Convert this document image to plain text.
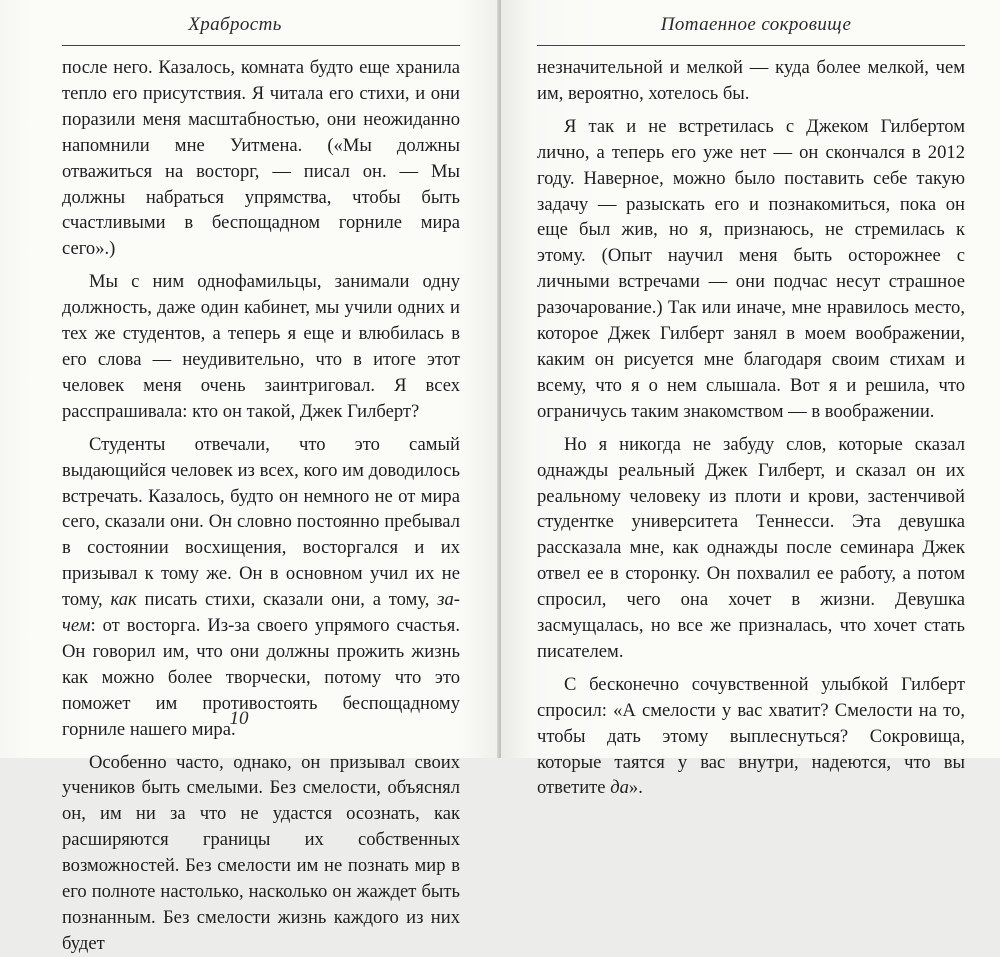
Храбрость

после него. Казалось, комната будто еще хранила тепло его присутствия. Я читала его стихи, и они поразили меня масштабностью, они неожиданно напомнили мне Уитмена. («Мы должны отважиться на восторг, — писал он. — Мы должны набраться упрямства, чтобы быть счастливыми в беспощадном горниле мира сего».)

Мы с ним однофамильцы, занимали одну должность, даже один кабинет, мы учили одних и тех же студентов, а теперь я еще и влюбилась в его слова — неудивительно, что в итоге этот человек меня очень заинтриговал. Я всех расспрашивала: кто он такой, Джек Гилберт?

Студенты отвечали, что это самый выдающийся человек из всех, кого им доводилось встречать. Казалось, будто он немного не от мира сего, сказали они. Он словно постоянно пребывал в состоянии восхищения, восторгался и их призывал к тому же. Он в основном учил их не тому, как писать стихи, сказали они, а тому, зачем: от восторга. Из-за своего упрямого счастья. Он говорил им, что они должны прожить жизнь как можно более творчески, потому что это поможет им противостоять беспощадному горниле нашего мира.

Особенно часто, однако, он призывал своих учеников быть смелыми. Без смелости, объяснял он, им ни за что не удастся осознать, как расширяются границы их собственных возможностей. Без смелости им не познать мир в его полноте настолько, насколько он жаждет быть познанным. Без смелости жизнь каждого из них будет

10
Потаенное сокровище

незначительной и мелкой — куда более мелкой, чем им, вероятно, хотелось бы.

Я так и не встретилась с Джеком Гилбертом лично, а теперь его уже нет — он скончался в 2012 году. Наверное, можно было поставить себе такую задачу — разыскать его и познакомиться, пока он еще был жив, но я, признаюсь, не стремилась к этому. (Опыт научил меня быть осторожнее с личными встречами — они подчас несут страшное разочарование.) Так или иначе, мне нравилось место, которое Джек Гилберт занял в моем воображении, каким он рисуется мне благодаря своим стихам и всему, что я о нем слышала. Вот я и решила, что ограничусь таким знакомством — в воображении.

Но я никогда не забуду слов, которые сказал однажды реальный Джек Гилберт, и сказал он их реальному человеку из плоти и крови, застенчивой студентке университета Теннесси. Эта девушка рассказала мне, как однажды после семинара Джек отвел ее в сторонку. Он похвалил ее работу, а потом спросил, чего она хочет в жизни. Девушка засмущалась, но все же призналась, что хочет стать писателем.

С бесконечно сочувственной улыбкой Гилберт спросил: «А смелости у вас хватит? Смелости на то, чтобы дать этому выплеснуться? Сокровища, которые таятся у вас внутри, надеются, что вы ответите да».
